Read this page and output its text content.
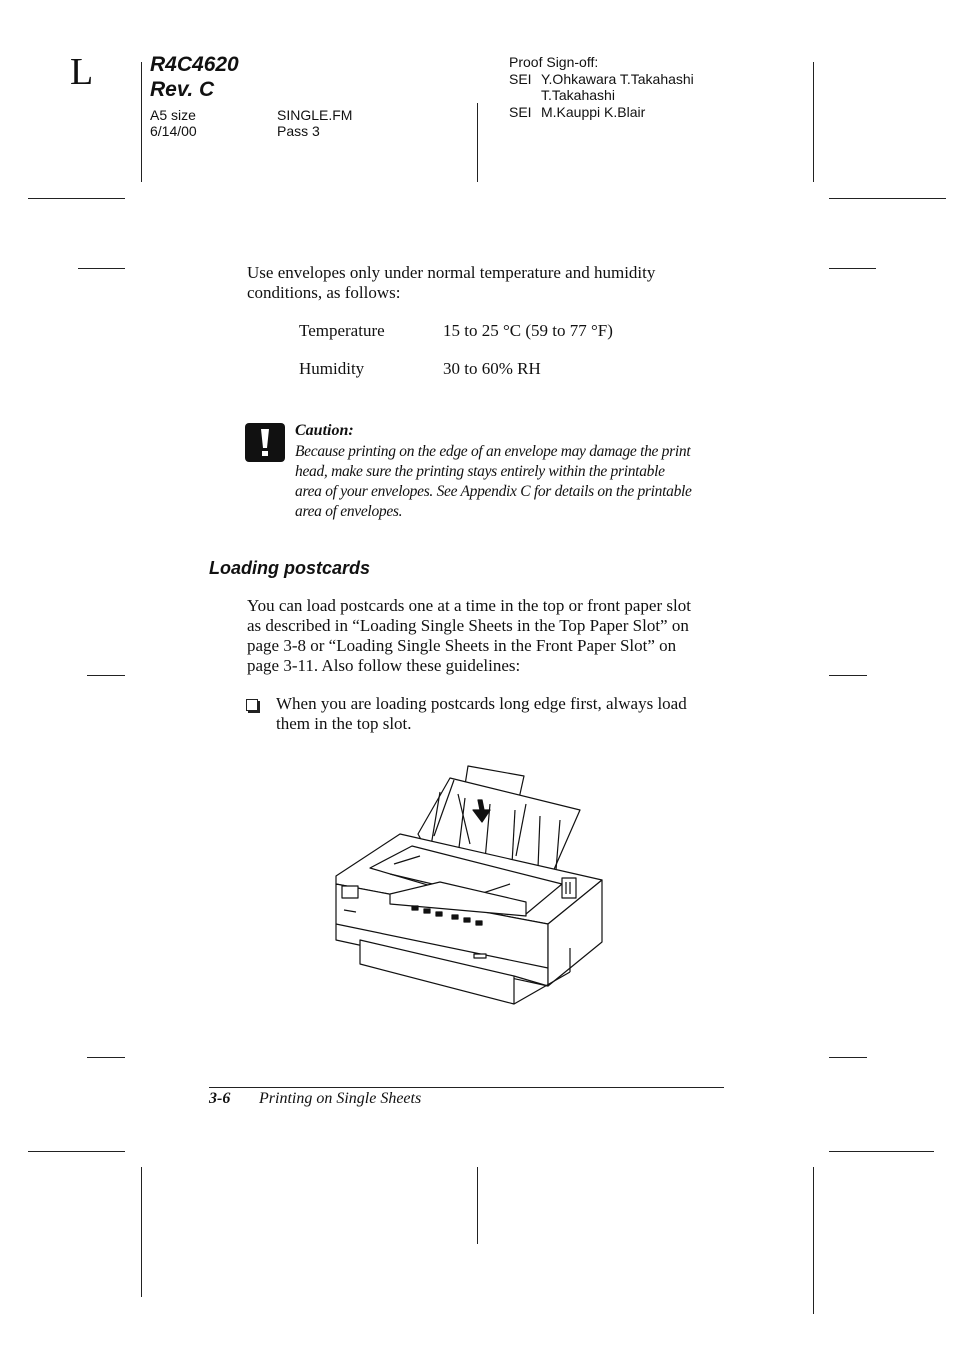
L	R4C4620
Rev. C
A5 size
6/14/00
SINGLE.FM
Pass 3
Proof Sign-off:
SEI Y.Ohkawara T.Takahashi
T.Takahashi
SEI M.Kauppi K.Blair
Use envelopes only under normal temperature and humidity
conditions, as follows:
Temperature	15 to 25 °C (59 to 77 °F)
Humidity	30 to 60% RH
Caution:
Because printing on the edge of an envelope may damage the print
head, make sure the printing stays entirely within the printable
area of your envelopes. See Appendix C for details on the printable
area of envelopes.
Loading postcards
You can load postcards one at a time in the top or front paper slot
as described in “Loading Single Sheets in the Top Paper Slot” on
page 3-8 or “Loading Single Sheets in the Front Paper Slot” on
page 3-11. Also follow these guidelines:
When you are loading postcards long edge first, always load
them in the top slot.
3-6 Printing on Single Sheets
